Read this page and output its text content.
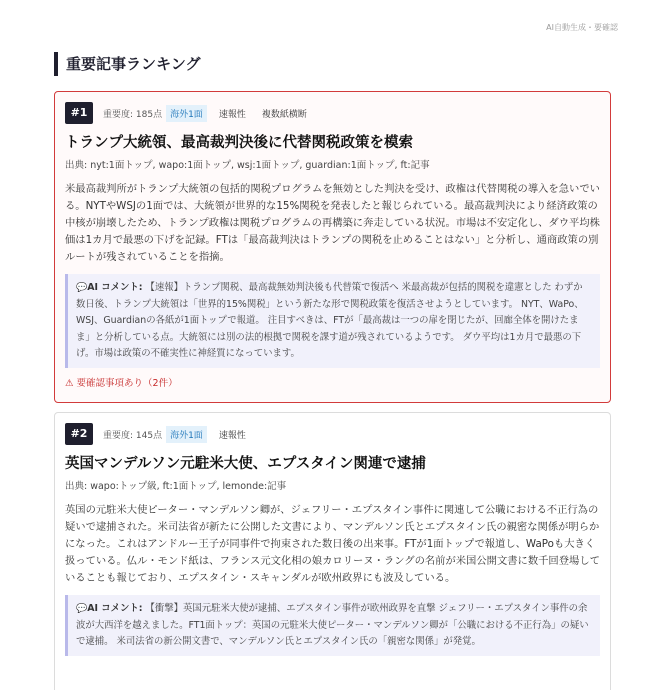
AI自動生成・要確認
重要記事ランキング
#1	重要度: 185点 海外1面	速報性	複数紙横断
トランプ大統領、最高裁判決後に代替関税政策を模索
出典: nyt:1面トップ, wapo:1面トップ, wsj:1面トップ, guardian:1面トップ, ft:記事
米最高裁判所がトランプ大統領の包括的関税プログラムを無効とした判決を受け、政権は代替関税の導入を急いでいる。NYTやWSJの1面では、大統領が世界的な15%関税を発表したと報じられている。最高裁判決により経済政策の中核が崩壊したため、トランプ政権は関税プログラムの再構築に奔走している状況。市場は不安定化し、ダウ平均株価は1カ月で最悪の下げを記録。FTは「最高裁判決はトランプの関税を止めることはない」と分析し、通商政策の別ルートが残されていることを指摘。
💬AI コメント: 【速報】トランプ関税、最高裁無効判決後も代替策で復活へ 米最高裁が包括的関税を違憲とした わずか数日後、トランプ大統領は「世界的15%関税」という新たな形で関税政策を復活させようとしています。 NYT、WaPo、WSJ、Guardianの各紙が1面トップで報道。 注目すべきは、FTが「最高裁は一つの扉を閉じたが、回廊全体を開けたまま」と分析している点。大統領には別の法的根拠で関税を課す道が残されているようです。 ダウ平均は1カ月で最悪の下げ。市場は政策の不確実性に神経質になっています。
⚠ 要確認事項あり（2件）
#2	重要度: 145点 海外1面	速報性
英国マンデルソン元駐米大使、エプスタイン関連で逮捕
出典: wapo:トップ級, ft:1面トップ, lemonde:記事
英国の元駐米大使ピーター・マンデルソン卿が、ジェフリー・エプスタイン事件に関連して公職における不正行為の疑いで逮捕された。米司法省が新たに公開した文書により、マンデルソン氏とエプスタイン氏の親密な関係が明らかになった。これはアンドルー王子が同事件で拘束された数日後の出来事。FTが1面トップで報道し、WaPoも大きく扱っている。仏ル・モンド紙は、フランス元文化相の娘カロリーヌ・ラングの名前が米国公開文書に数千回登場していることも報じており、エプスタイン・スキャンダルが欧州政界にも波及している。
💬AI コメント: 【衝撃】英国元駐米大使が逮捕、エプスタイン事件が欧州政界を直撃 ジェフリー・エプスタイン事件の余波が大西洋を越えました。FT1面トップ：英国の元駐米大使ピーター・マンデルソン卿が「公職における不正行為」の疑いで逮捕。 米司法省の新公開文書で、マンデルソン氏とエプスタイン氏の「親密な関係」が発覚。
